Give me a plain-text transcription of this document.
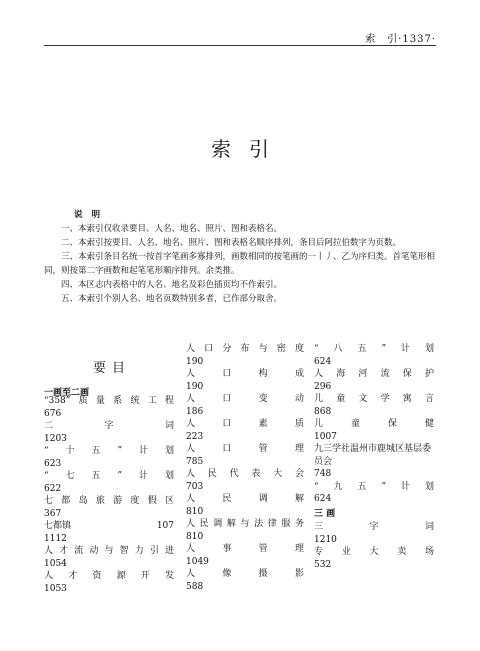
索　引·1337·
索引
说 明

一、本索引仅收录要目、人名、地名、照片、图和表格名。

二、本索引按要目、人名、地名、照片、图和表格名顺序排列，条目后阿拉伯数字为页数。

三、本索引条目名统一按首字笔画多寡排列，画数相同的按笔画的一丨丿、乙为序归类。首笔笔形相同，则按第二字画数和起笔笔形顺序排列。余类推。

四、本区志内表格中的人名、地名及彩色插页均不作索引。

五、本索引个别人名、地名页数特别多者，已作部分取舍。

要目
一画至二画
“358”质量系统工程
676
二字词
1203
“十五”计划
623
“七五”计划
622
七都岛旅游度假区
367
七都镇	107
1112
人才流动与智力引进
1054
人才资源开发
1053
人口分布与密度
190
人口构成
190
人口变动
186
人口素质
223
人口管理
785
人民代表大会
703
人民调解
810
人民调解与法律服务
810
人事管理
1049
人像摄影
588
“八五”计划
624
人海河流保护
296
儿童文学寓言
868
儿童保健
1007
九三学社温州市鹿城区基层委员会
748
“九五”计划
624
三 画
三字词
1210
专业大卖场
532
